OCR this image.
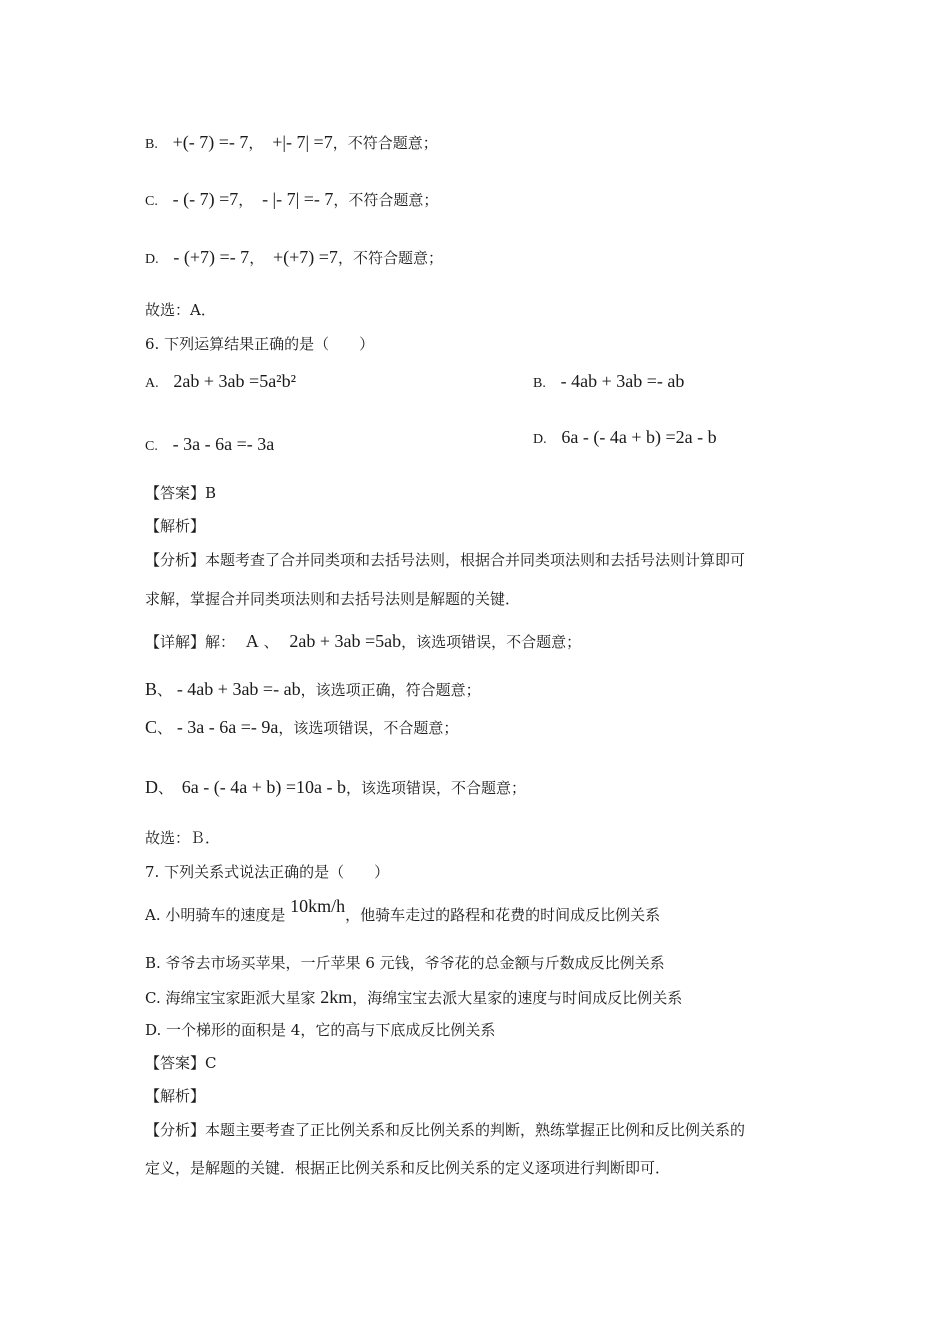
B. +(- 7) =- 7， +|- 7| =7，不符合题意；
C. - (- 7) =7， - |- 7| =- 7，不符合题意；
D. - (+7) =- 7， +(+7) =7，不符合题意；
故选：A．
6. 下列运算结果正确的是（　　）
A. 2ab + 3ab =5a²b²	B. - 4ab + 3ab =- ab
C. - 3a - 6a =- 3a	D. 6a - (- 4a + b) =2a - b
【答案】B
【解析】
【分析】本题考查了合并同类项和去括号法则，根据合并同类项法则和去括号法则计算即可
求解，掌握合并同类项法则和去括号法则是解题的关键．
【详解】解： A 、 2ab + 3ab =5ab，该选项错误，不合题意；
B、 - 4ab + 3ab =- ab，该选项正确，符合题意；
C、 - 3a - 6a =- 9a，该选项错误，不合题意；
D、 6a - (- 4a + b) =10a - b，该选项错误，不合题意；
故选：Ｂ．
7. 下列关系式说法正确的是（　　）
A. 小明骑车的速度是 10km/h，他骑车走过的路程和花费的时间成反比例关系
B. 爷爷去市场买苹果，一斤苹果 6 元钱，爷爷花的总金额与斤数成反比例关系
C. 海绵宝宝家距派大星家 2km，海绵宝宝去派大星家的速度与时间成反比例关系
D. 一个梯形的面积是 4，它的高与下底成反比例关系
【答案】C
【解析】
【分析】本题主要考查了正比例关系和反比例关系的判断，熟练掌握正比例和反比例关系的
定义，是解题的关键．根据正比例关系和反比例关系的定义逐项进行判断即可．
